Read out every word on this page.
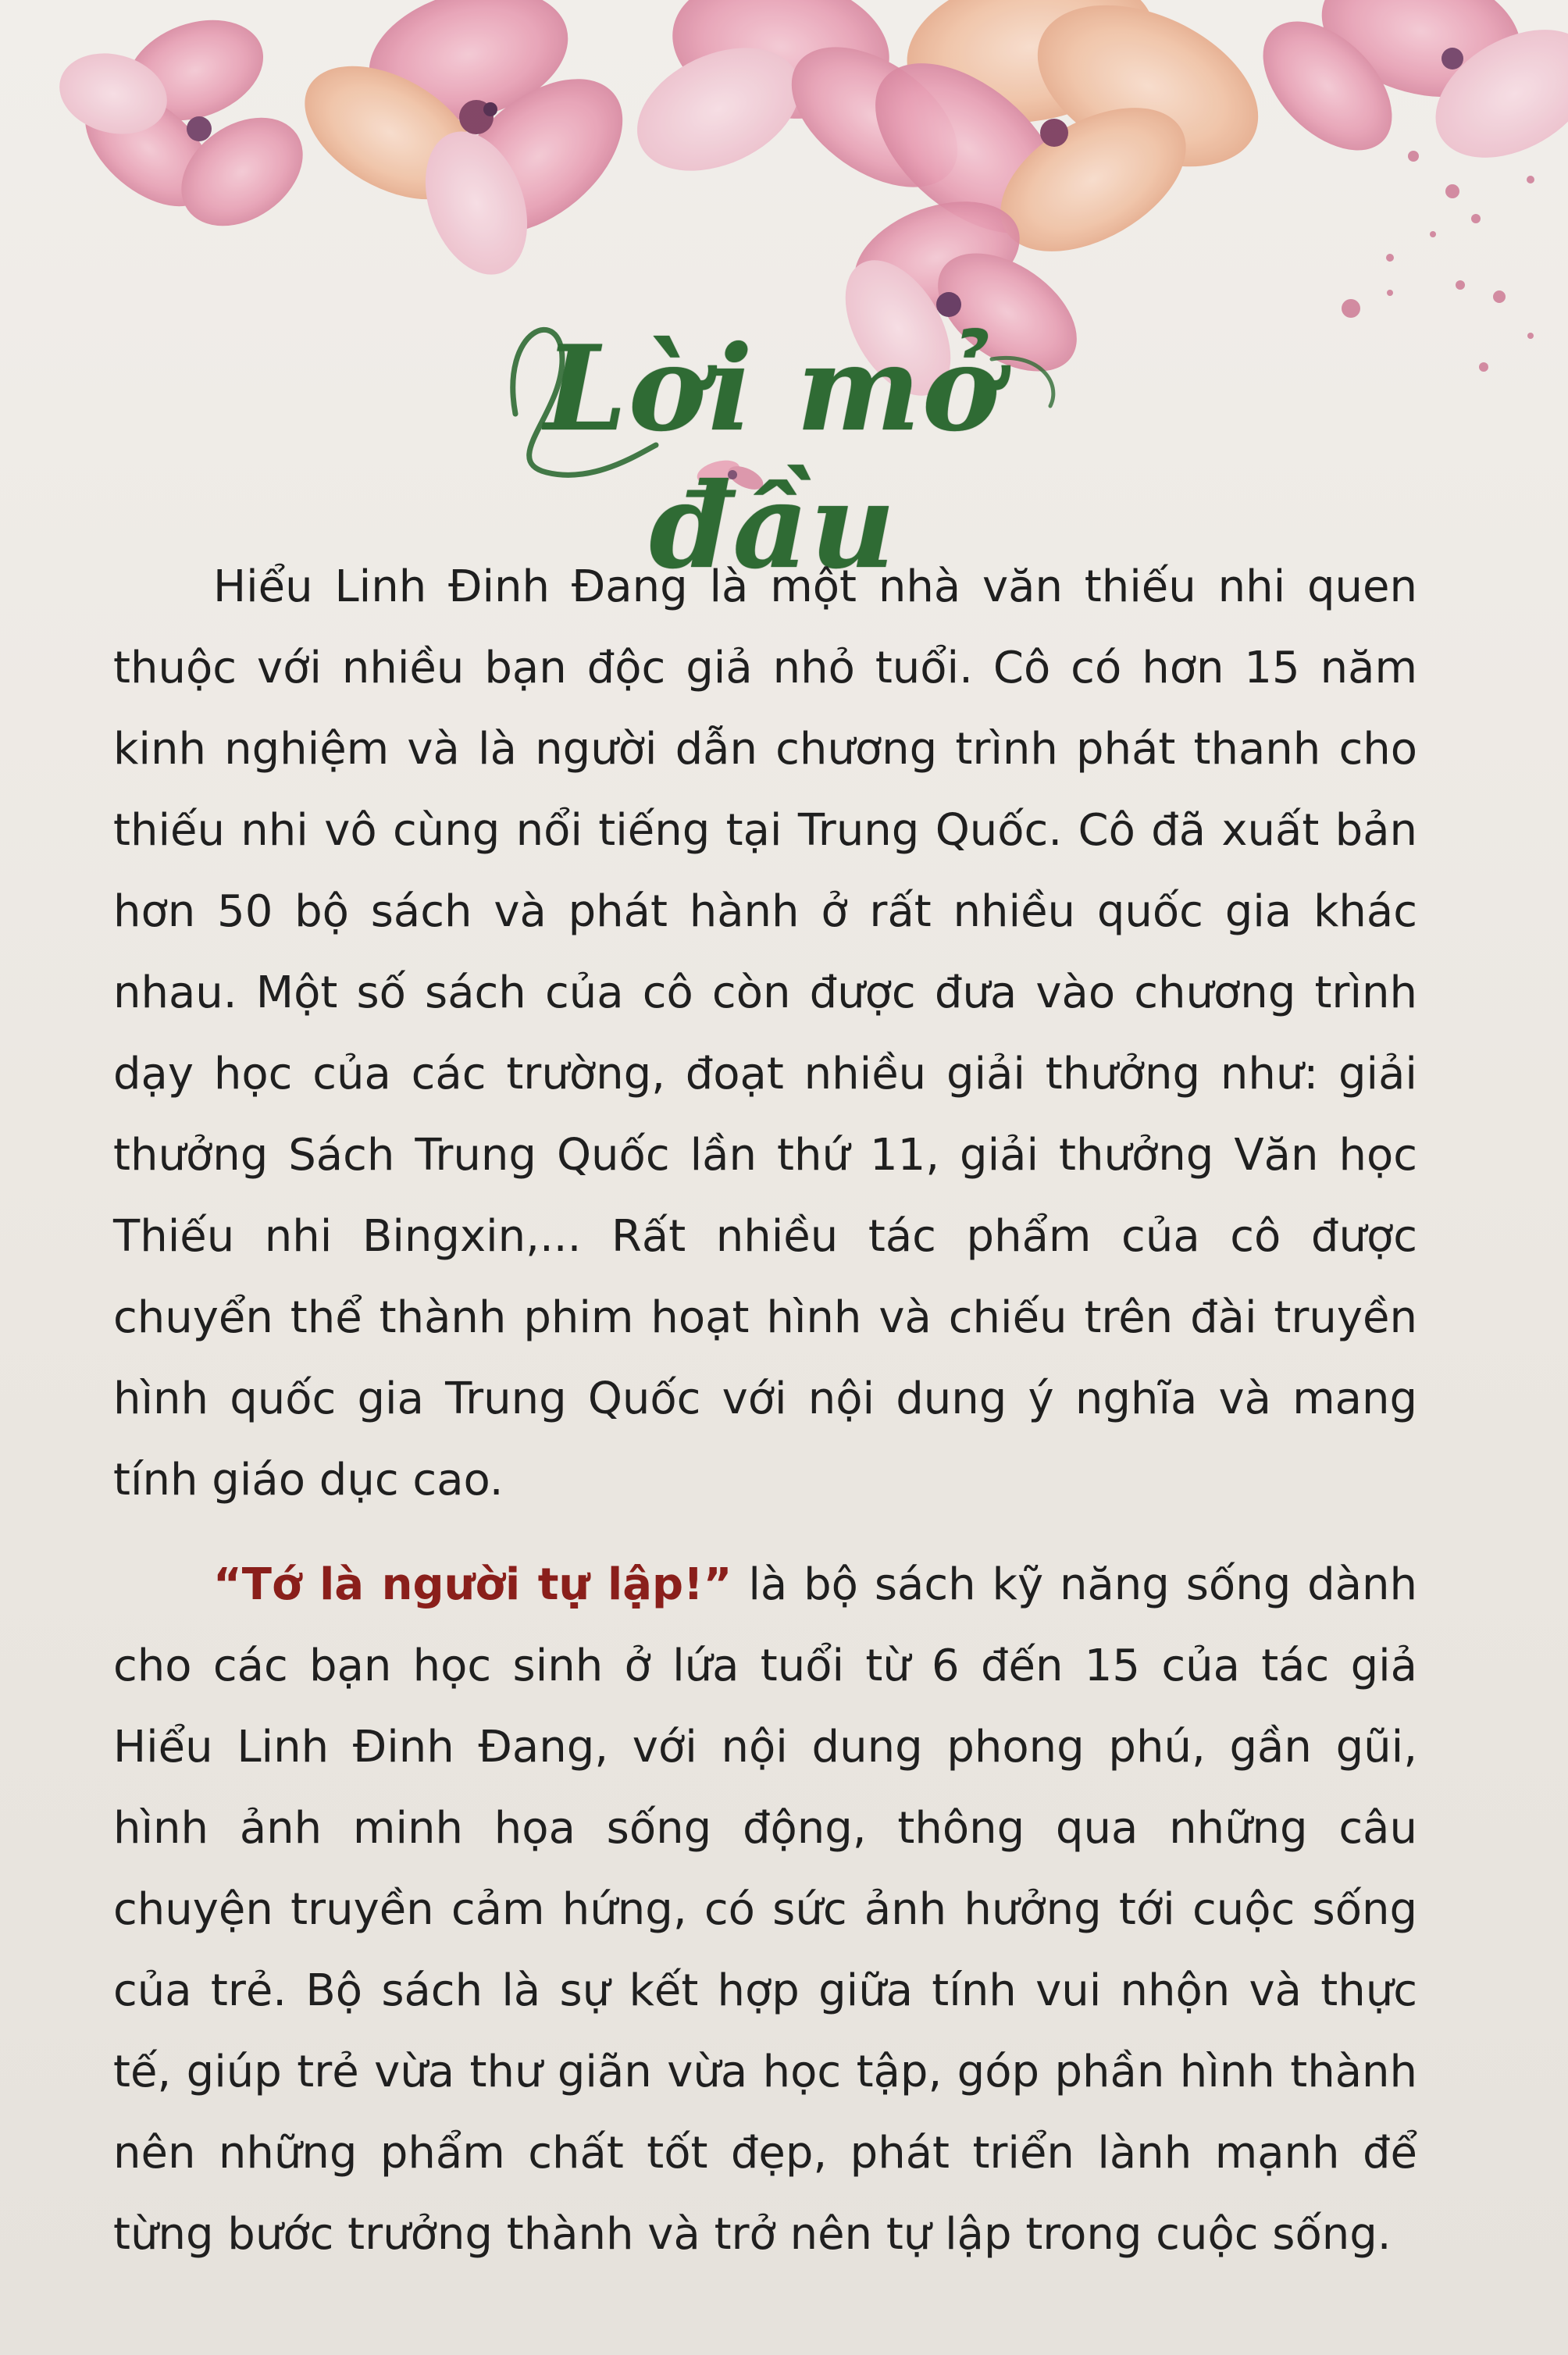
Lời mở đầu

Hiểu Linh Đinh Đang là một nhà văn thiếu nhi quen thuộc với nhiều bạn độc giả nhỏ tuổi. Cô có hơn 15 năm kinh nghiệm và là người dẫn chương trình phát thanh cho thiếu nhi vô cùng nổi tiếng tại Trung Quốc. Cô đã xuất bản hơn 50 bộ sách và phát hành ở rất nhiều quốc gia khác nhau. Một số sách của cô còn được đưa vào chương trình dạy học của các trường, đoạt nhiều giải thưởng như: giải thưởng Sách Trung Quốc lần thứ 11, giải thưởng Văn học Thiếu nhi Bingxin,... Rất nhiều tác phẩm của cô được chuyển thể thành phim hoạt hình và chiếu trên đài truyền hình quốc gia Trung Quốc với nội dung ý nghĩa và mang tính giáo dục cao.

“Tớ là người tự lập!” là bộ sách kỹ năng sống dành cho các bạn học sinh ở lứa tuổi từ 6 đến 15 của tác giả Hiểu Linh Đinh Đang, với nội dung phong phú, gần gũi, hình ảnh minh họa sống động, thông qua những câu chuyện truyền cảm hứng, có sức ảnh hưởng tới cuộc sống của trẻ. Bộ sách là sự kết hợp giữa tính vui nhộn và thực tế, giúp trẻ vừa thư giãn vừa học tập, góp phần hình thành nên những phẩm chất tốt đẹp, phát triển lành mạnh để từng bước trưởng thành và trở nên tự lập trong cuộc sống.
